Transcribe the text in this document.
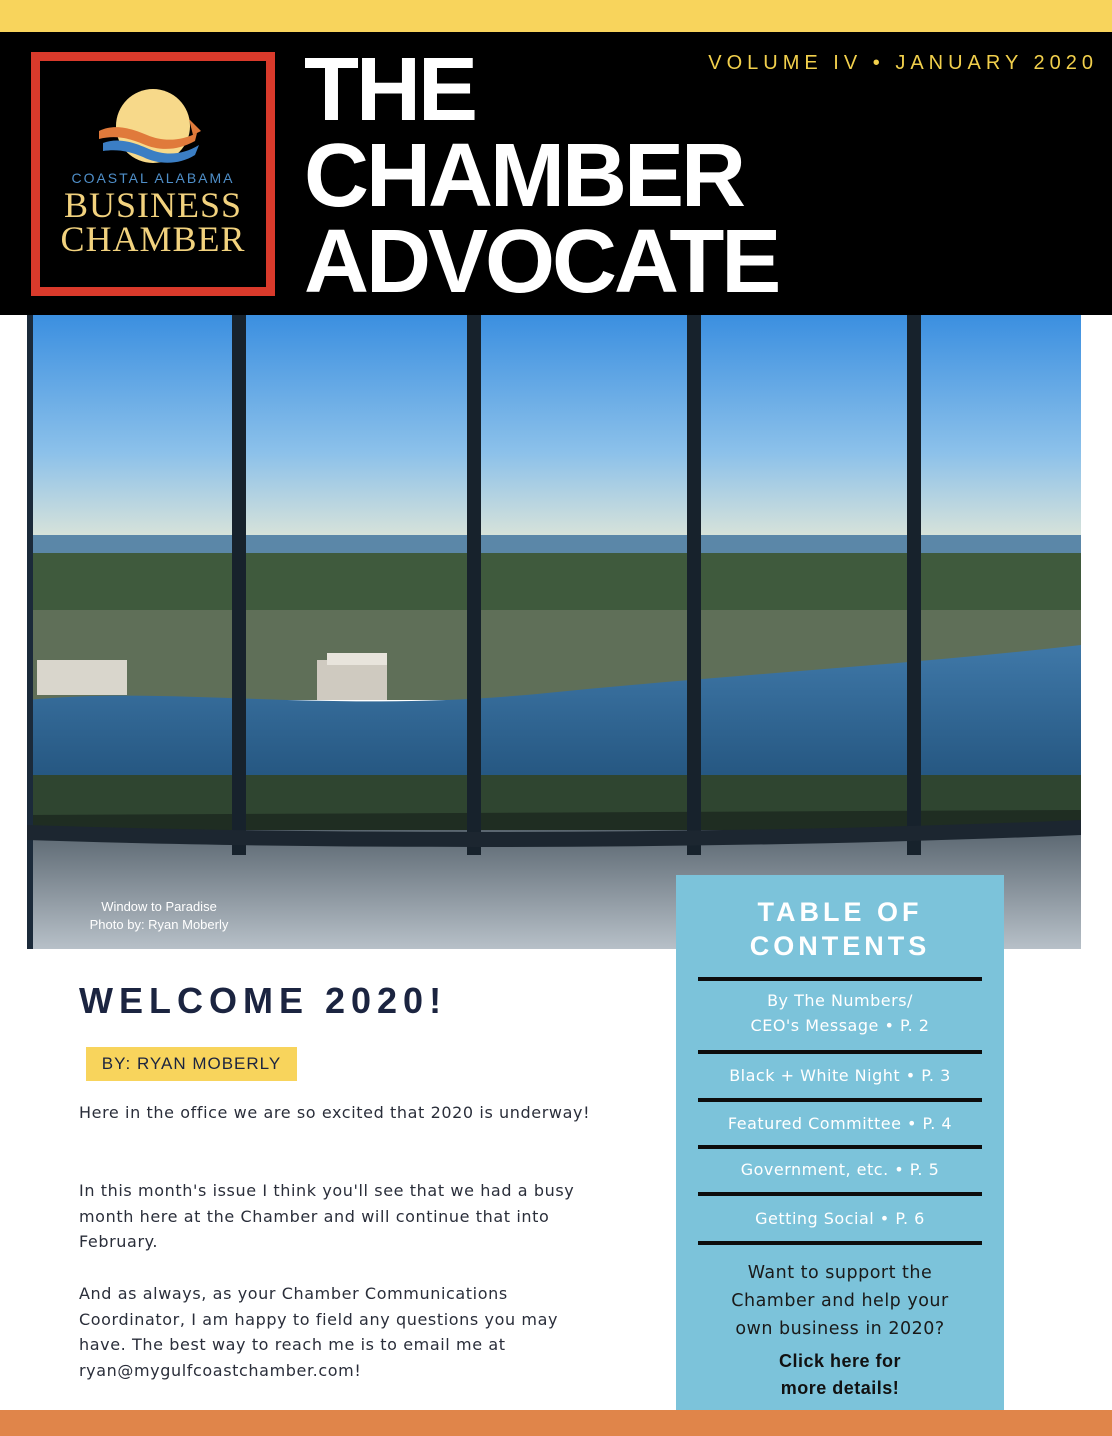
COASTAL ALABAMA
BUSINESS
CHAMBER
THE
CHAMBER
ADVOCATE
VOLUME IV • JANUARY 2020
Window to Paradise
Photo by: Ryan Moberly
WELCOME 2020!
BY: RYAN MOBERLY

Here in the office we are so excited that 2020 is underway!

In this month's issue I think you'll see that we had a busy month here at the Chamber and will continue that into February.

And as always, as your Chamber Communications Coordinator, I am happy to field any questions you may have. The best way to reach me is to email me at ryan@mygulfcoastchamber.com!

TABLE OF
CONTENTS
By The Numbers/
CEO's Message • P. 2
Black + White Night • P. 3
Featured Committee • P. 4
Government, etc. • P. 5
Getting Social • P. 6
Want to support the
Chamber and help your
own business in 2020?
Click here for
more details!
